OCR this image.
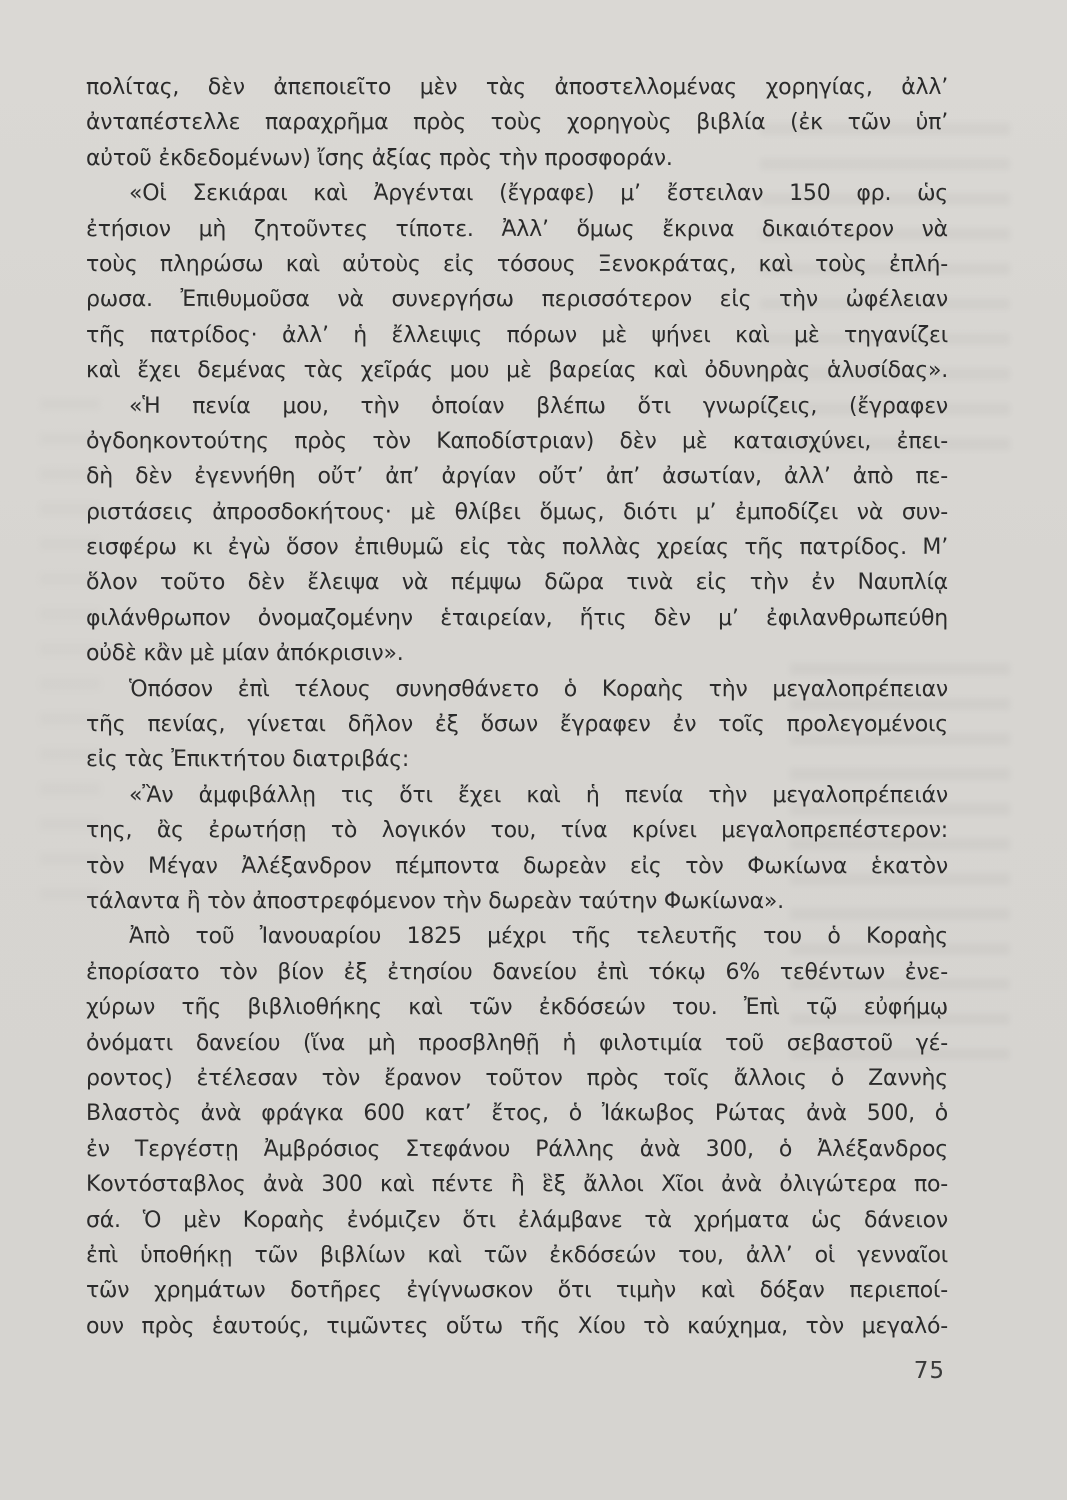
πολίτας, δὲν ἀπεποιεῖτο μὲν τὰς ἀποστελλομένας χορηγίας, ἀλλ’
ἀνταπέστελλε παραχρῆμα πρὸς τοὺς χορηγοὺς βιβλία (ἐκ τῶν ὑπ’
αὐτοῦ ἐκδεδομένων) ἴσης ἀξίας πρὸς τὴν προσφοράν.
«Οἱ Σεκιάραι καὶ Ἀργένται (ἔγραφε) μ’ ἔστειλαν 150 φρ. ὡς
ἐτήσιον μὴ ζητοῦντες τίποτε. Ἀλλ’ ὅμως ἔκρινα δικαιότερον νὰ
τοὺς πληρώσω καὶ αὐτοὺς εἰς τόσους Ξενοκράτας, καὶ τοὺς ἐπλή-
ρωσα. Ἐπιθυμοῦσα νὰ συνεργήσω περισσότερον εἰς τὴν ὠφέλειαν
τῆς πατρίδος· ἀλλ’ ἡ ἔλλειψις πόρων μὲ ψήνει καὶ μὲ τηγανίζει
καὶ ἔχει δεμένας τὰς χεῖράς μου μὲ βαρείας καὶ ὀδυνηρὰς ἁλυσίδας».
«Ἡ πενία μου, τὴν ὁποίαν βλέπω ὅτι γνωρίζεις, (ἔγραφεν
ὀγδοηκοντούτης πρὸς τὸν Καποδίστριαν) δὲν μὲ καταισχύνει, ἐπει-
δὴ δὲν ἐγεννήθη οὔτ’ ἀπ’ ἀργίαν οὔτ’ ἀπ’ ἀσωτίαν, ἀλλ’ ἀπὸ πε-
ριστάσεις ἀπροσδοκήτους· μὲ θλίβει ὅμως, διότι μ’ ἐμποδίζει νὰ συν-
εισφέρω κι ἐγὼ ὅσον ἐπιθυμῶ εἰς τὰς πολλὰς χρείας τῆς πατρίδος. Μ’
ὅλον τοῦτο δὲν ἔλειψα νὰ πέμψω δῶρα τινὰ εἰς τὴν ἐν Ναυπλίᾳ
φιλάνθρωπον ὀνομαζομένην ἑταιρείαν, ἥτις δὲν μ’ ἐφιλανθρωπεύθη
οὐδὲ κἂν μὲ μίαν ἀπόκρισιν».
Ὁπόσον ἐπὶ τέλους συνησθάνετο ὁ Κοραὴς τὴν μεγαλοπρέπειαν
τῆς πενίας, γίνεται δῆλον ἐξ ὅσων ἔγραφεν ἐν τοῖς προλεγομένοις
εἰς τὰς Ἐπικτήτου διατριβάς:
«Ἂν ἀμφιβάλλῃ τις ὅτι ἔχει καὶ ἡ πενία τὴν μεγαλοπρέπειάν
της, ἂς ἐρωτήσῃ τὸ λογικόν του, τίνα κρίνει μεγαλοπρεπέστερον:
τὸν Μέγαν Ἀλέξανδρον πέμποντα δωρεὰν εἰς τὸν Φωκίωνα ἑκατὸν
τάλαντα ἢ τὸν ἀποστρεφόμενον τὴν δωρεὰν ταύτην Φωκίωνα».
Ἀπὸ τοῦ Ἰανουαρίου 1825 μέχρι τῆς τελευτῆς του ὁ Κοραὴς
ἐπορίσατο τὸν βίον ἐξ ἐτησίου δανείου ἐπὶ τόκῳ 6% τεθέντων ἐνε-
χύρων τῆς βιβλιοθήκης καὶ τῶν ἐκδόσεών του. Ἐπὶ τῷ εὐφήμῳ
ὀνόματι δανείου (ἵνα μὴ προσβληθῇ ἡ φιλοτιμία τοῦ σεβαστοῦ γέ-
ροντος) ἐτέλεσαν τὸν ἔρανον τοῦτον πρὸς τοῖς ἄλλοις ὁ Ζαννὴς
Βλαστὸς ἀνὰ φράγκα 600 κατ’ ἔτος, ὁ Ἰάκωβος Ρώτας ἀνὰ 500, ὁ
ἐν Τεργέστῃ Ἀμβρόσιος Στεφάνου Ράλλης ἀνὰ 300, ὁ Ἀλέξανδρος
Κοντόσταβλος ἀνὰ 300 καὶ πέντε ἢ ἓξ ἄλλοι Χῖοι ἀνὰ ὀλιγώτερα πο-
σά. Ὁ μὲν Κοραὴς ἐνόμιζεν ὅτι ἐλάμβανε τὰ χρήματα ὡς δάνειον
ἐπὶ ὑποθήκῃ τῶν βιβλίων καὶ τῶν ἐκδόσεών του, ἀλλ’ οἱ γενναῖοι
τῶν χρημάτων δοτῆρες ἐγίγνωσκον ὅτι τιμὴν καὶ δόξαν περιεποί-
ουν πρὸς ἑαυτούς, τιμῶντες οὕτω τῆς Χίου τὸ καύχημα, τὸν μεγαλό-
75
